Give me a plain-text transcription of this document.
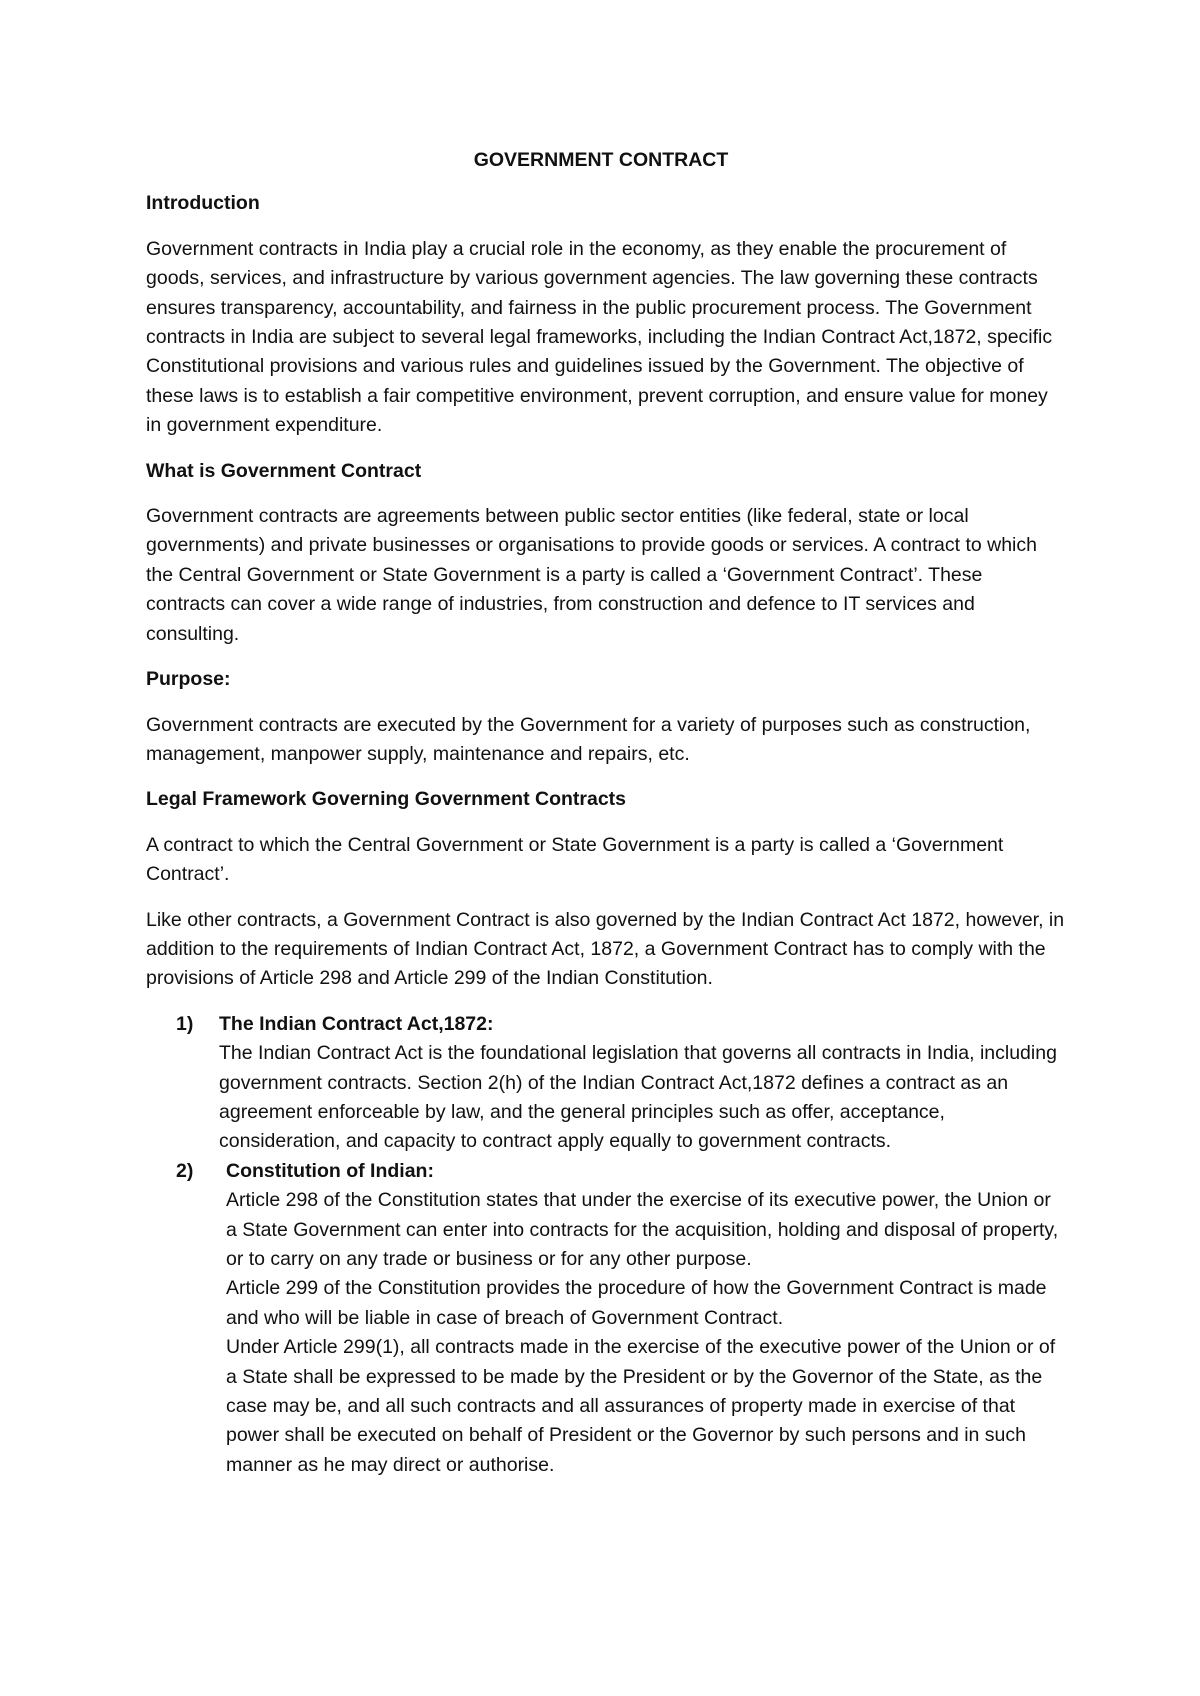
GOVERNMENT CONTRACT
Introduction

Government contracts in India play a crucial role in the economy, as they enable the procurement of goods, services, and infrastructure by various government agencies. The law governing these contracts ensures transparency, accountability, and fairness in the public procurement process. The Government contracts in India are subject to several legal frameworks, including the Indian Contract Act,1872, specific Constitutional provisions and various rules and guidelines issued by the Government. The objective of these laws is to establish a fair competitive environment, prevent corruption, and ensure value for money in government expenditure.

What is Government Contract

Government contracts are agreements between public sector entities (like federal, state or local governments) and private businesses or organisations to provide goods or services. A contract to which the Central Government or State Government is a party is called a ‘Government Contract’. These contracts can cover a wide range of industries, from construction and defence to IT services and consulting.

Purpose:

Government contracts are executed by the Government for a variety of purposes such as construction, management, manpower supply, maintenance and repairs, etc.

Legal Framework Governing Government Contracts

A contract to which the Central Government or State Government is a party is called a ‘Government Contract’.

Like other contracts, a Government Contract is also governed by the Indian Contract Act 1872, however, in addition to the requirements of Indian Contract Act, 1872, a Government Contract has to comply with the provisions of Article 298 and Article 299 of the Indian Constitution.

1) The Indian Contract Act,1872:
The Indian Contract Act is the foundational legislation that governs all contracts in India, including government contracts. Section 2(h) of the Indian Contract Act,1872 defines a contract as an agreement enforceable by law, and the general principles such as offer, acceptance, consideration, and capacity to contract apply equally to government contracts.
2) Constitution of Indian:
Article 298 of the Constitution states that under the exercise of its executive power, the Union or a State Government can enter into contracts for the acquisition, holding and disposal of property, or to carry on any trade or business or for any other purpose.
Article 299 of the Constitution provides the procedure of how the Government Contract is made and who will be liable in case of breach of Government Contract.
Under Article 299(1), all contracts made in the exercise of the executive power of the Union or of a State shall be expressed to be made by the President or by the Governor of the State, as the case may be, and all such contracts and all assurances of property made in exercise of that power shall be executed on behalf of President or the Governor by such persons and in such manner as he may direct or authorise.
